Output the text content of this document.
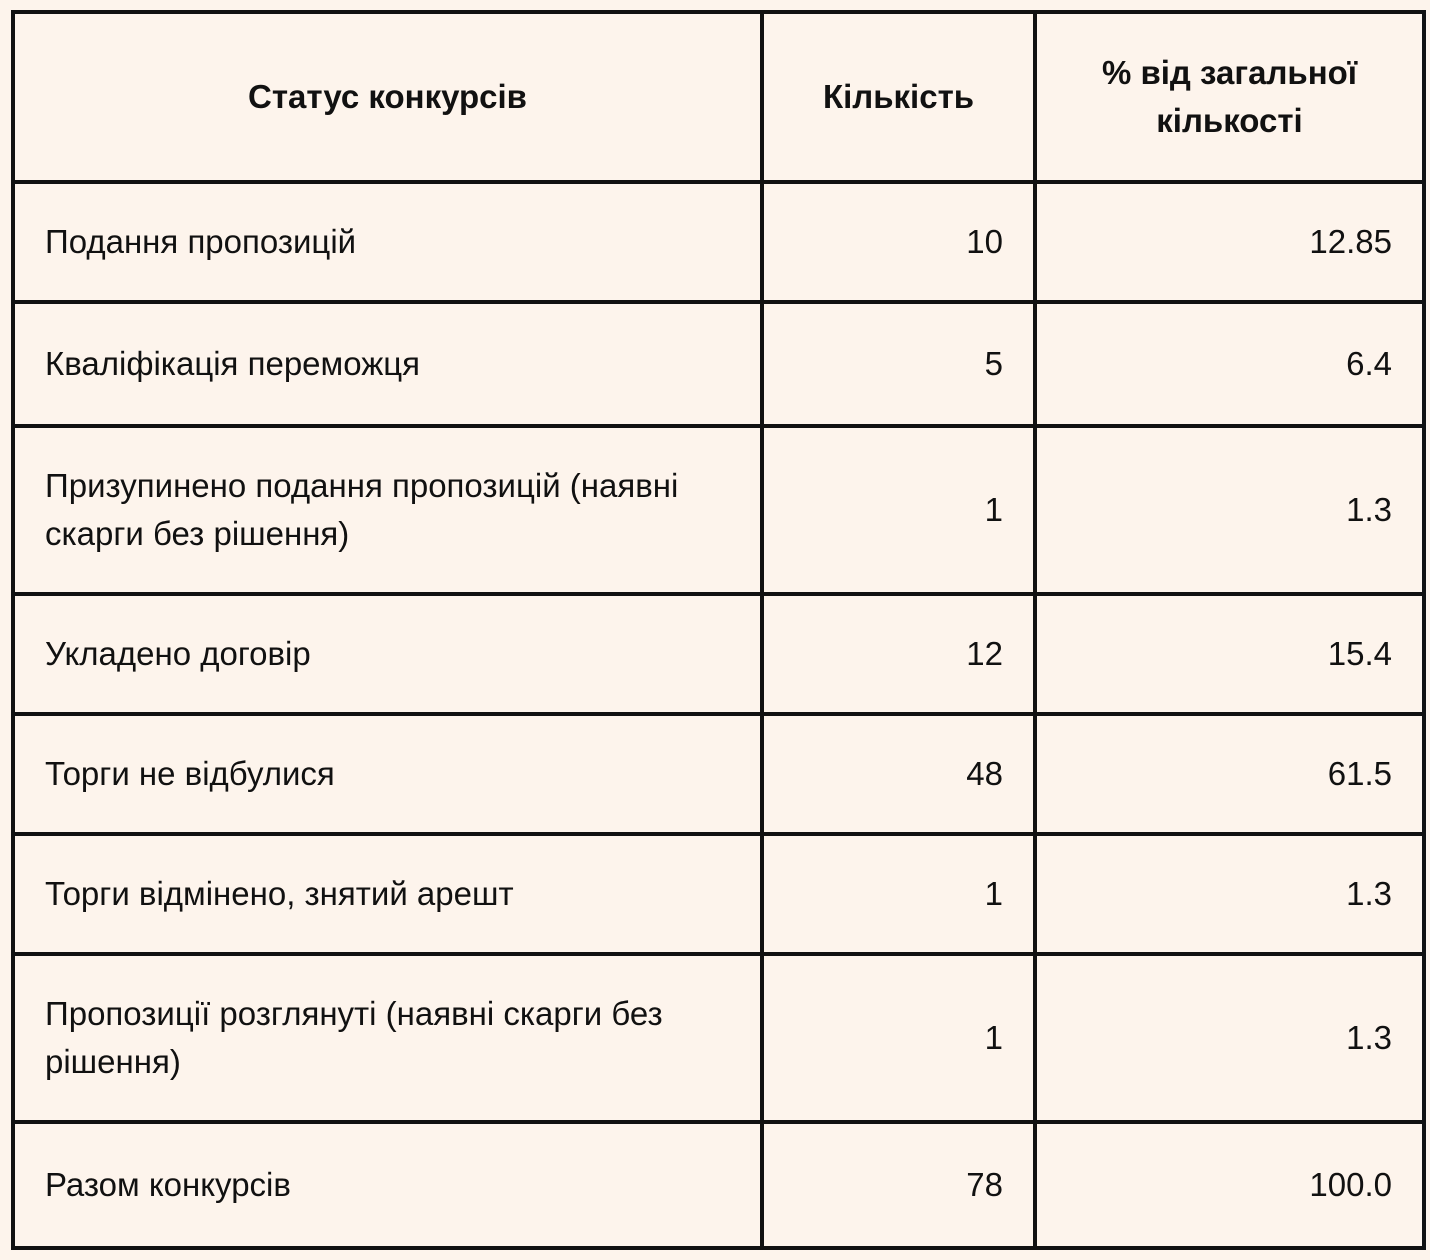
Статус конкурсів	Кількість	% від загальної кількості
Подання пропозицій	10	12.85
Кваліфікація переможця	5	6.4
Призупинено подання пропозицій (наявні скарги без рішення)	1	1.3
Укладено договір	12	15.4
Торги не відбулися	48	61.5
Торги відмінено, знятий арешт	1	1.3
Пропозиції розглянуті (наявні скарги без рішення)	1	1.3
Разом конкурсів	78	100.0
